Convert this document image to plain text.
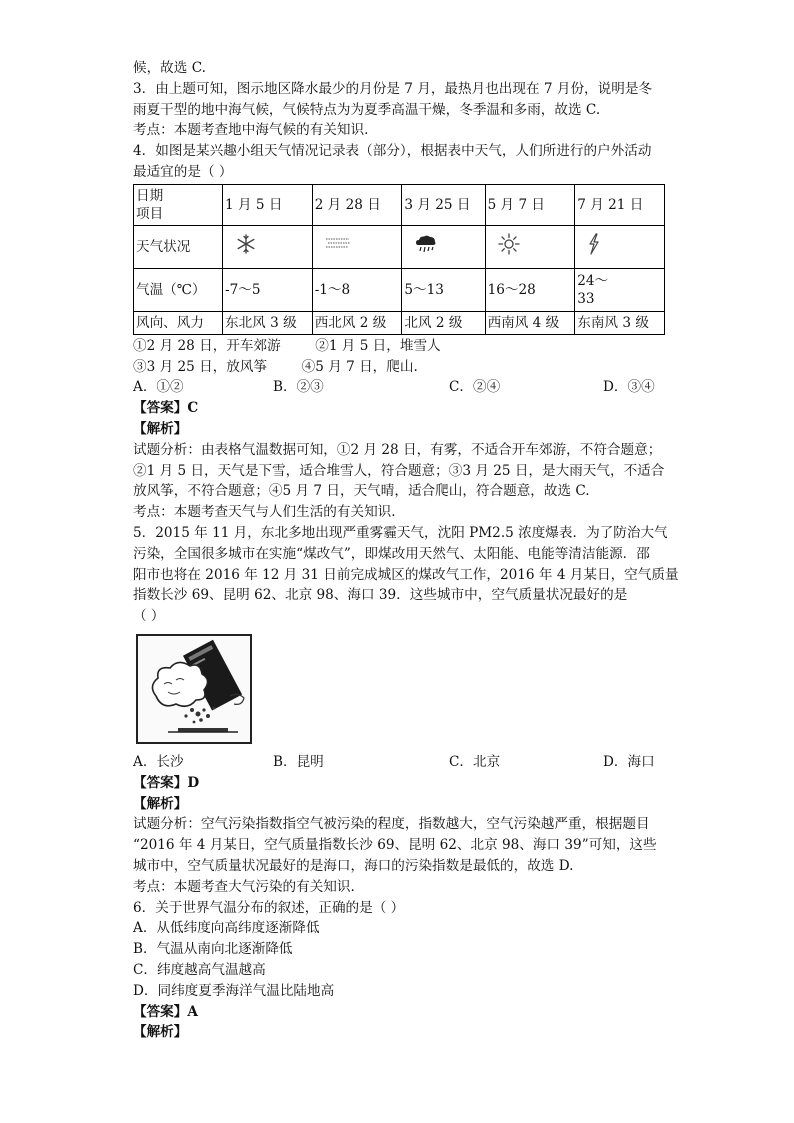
候，故选 C.
3．由上题可知，图示地区降水最少的月份是 7 月，最热月也出现在 7 月份，说明是冬
雨夏干型的地中海气候，气候特点为为夏季高温干燥，冬季温和多雨，故选 C.
考点：本题考查地中海气候的有关知识.
4．如图是某兴趣小组天气情况记录表（部分），根据表中天气，人们所进行的户外活动
最适宜的是（ ）
日期
项目	1 月 5 日	2 月 28 日	3 月 25 日	5 月 7 日	7 月 21 日
天气状况					
气温（℃）	-7～5	-1～8	5～13	16～28	24～
33

风向、风力	东北风 3 级	西北风 2 级	北风 2 级	西南风 4 级	东南风 3 级
①2 月 28 日，开车郊游        ②1 月 5 日，堆雪人
③3 月 25 日，放风筝        ④5 月 7 日，爬山.
A．①②	B．②③	C．②④	D．③④
【答案】C
【解析】
试题分析：由表格气温数据可知，①2 月 28 日，有雾，不适合开车郊游，不符合题意；
②1 月 5 日，天气是下雪，适合堆雪人，符合题意；③3 月 25 日，是大雨天气，不适合
放风筝，不符合题意；④5 月 7 日，天气晴，适合爬山，符合题意，故选 C.
考点：本题考查天气与人们生活的有关知识.
5．2015 年 11 月，东北多地出现严重雾霾天气，沈阳 PM2.5 浓度爆表．为了防治大气
污染，全国很多城市在实施“煤改气”，即煤改用天然气、太阳能、电能等清洁能源．邵
阳市也将在 2016 年 12 月 31 日前完成城区的煤改气工作，2016 年 4 月某日，空气质量
指数长沙 69、昆明 62、北京 98、海口 39．这些城市中，空气质量状况最好的是
（ ）
A．长沙	B．昆明	C．北京	D．海口
【答案】D
【解析】
试题分析：空气污染指数指空气被污染的程度，指数越大，空气污染越严重，根据题目
“2016 年 4 月某日，空气质量指数长沙 69、昆明 62、北京 98、海口 39”可知，这些
城市中，空气质量状况最好的是海口，海口的污染指数是最低的，故选 D.
考点：本题考查大气污染的有关知识.
6．关于世界气温分布的叙述，正确的是（ ）
A．从低纬度向高纬度逐渐降低
B．气温从南向北逐渐降低
C．纬度越高气温越高
D．同纬度夏季海洋气温比陆地高
【答案】A
【解析】
